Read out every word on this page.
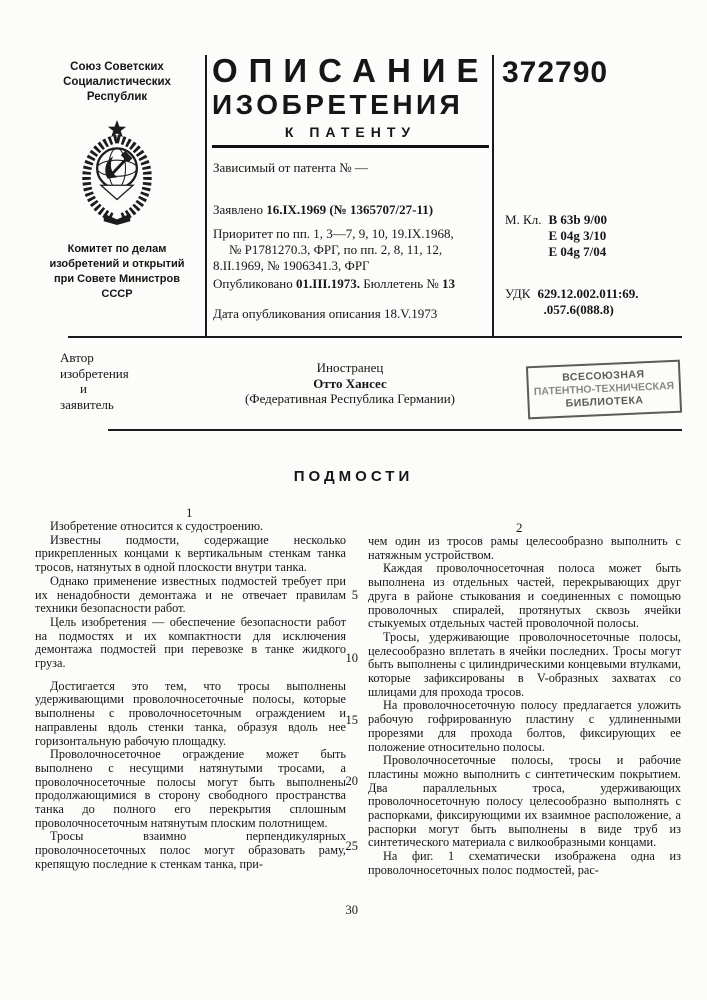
Союз Советских
Социалистических
Республик
Комитет по делам
изобретений и открытий
при Совете Министров
СССР
ОПИСАНИЕ
ИЗОБРЕТЕНИЯ
К ПАТЕНТУ
372790
Зависимый от патента № —
Заявлено 16.IX.1969 (№ 1365707/27-11)
Приоритет по пп. 1, 3—7, 9, 10, 19.IX.1968,
№ Р1781270.3, ФРГ, по пп. 2, 8, 11, 12,
8.II.1969, № 1906341.3, ФРГ
Опубликовано 01.III.1973. Бюллетень № 13
Дата опубликования описания 18.V.1973
М. Кл. В 63b 9/00
Е 04g 3/10
Е 04g 7/04
УДК 629.12.002.011:69.
.057.6(088.8)
Автор
изобретения
и
заявитель
Иностранец
Отто Хансес
(Федеративная Республика Германии)
ВСЕСОЮЗНАЯ
ПАТЕНТНО-ТЕХНИЧЕСКАЯ
БИБЛИОТЕКА
ПОДМОСТИ
1
2

Изобретение относится к судостроению.

Известны подмости, содержащие несколько прикрепленных концами к вертикальным стенкам танка тросов, натянутых в одной плоскости внутри танка.

Однако применение известных подмостей требует при их ненадобности демонтажа и не отвечает правилам техники безопасности работ.

Цель изобретения — обеспечение безопасности работ на подмостях и их компактности для исключения демонтажа подмостей при перевозке в танке жидкого груза.

Достигается это тем, что тросы выполнены удерживающими проволочносеточные полосы, которые выполнены с проволочносеточным ограждением и направлены вдоль стенки танка, образуя вдоль нее горизонтальную рабочую площадку.

Проволочносеточное ограждение может быть выполнено с несущими натянутыми тросами, а проволочносеточные полосы могут быть выполнены продолжающимися в сторону свободного пространства танка до полного его перекрытия сплошным проволочносеточным натянутым плоским полотнищем.

Тросы взаимно перпендикулярных проволочносеточных полос могут образовать раму, крепящую последние к стенкам танка, при-

чем один из тросов рамы целесообразно выполнить с натяжным устройством.

Каждая проволочносеточная полоса может быть выполнена из отдельных частей, перекрывающих друг друга в районе стыкования и соединенных с помощью проволочных спиралей, протянутых сквозь ячейки стыкуемых отдельных частей проволочной полосы.

Тросы, удерживающие проволочносеточные полосы, целесообразно вплетать в ячейки последних. Тросы могут быть выполнены с цилиндрическими концевыми втулками, которые зафиксированы в V-образных захватах со шлицами для прохода тросов.

На проволочносеточную полосу предлагается уложить рабочую гофрированную пластину с удлиненными прорезями для прохода болтов, фиксирующих ее положение относительно полосы.

Проволочносеточные полосы, тросы и рабочие пластины можно выполнить с синтетическим покрытием. Два параллельных троса, удерживающих проволочносеточную полосу целесообразно выполнять с распорками, фиксирующими их взаимное расположение, а распорки могут быть выполнены в виде труб из синтетического материала с вилкообразными концами.

На фиг. 1 схематически изображена одна из проволочносеточных полос подмостей, рас-

5
10
15
20
25
30
